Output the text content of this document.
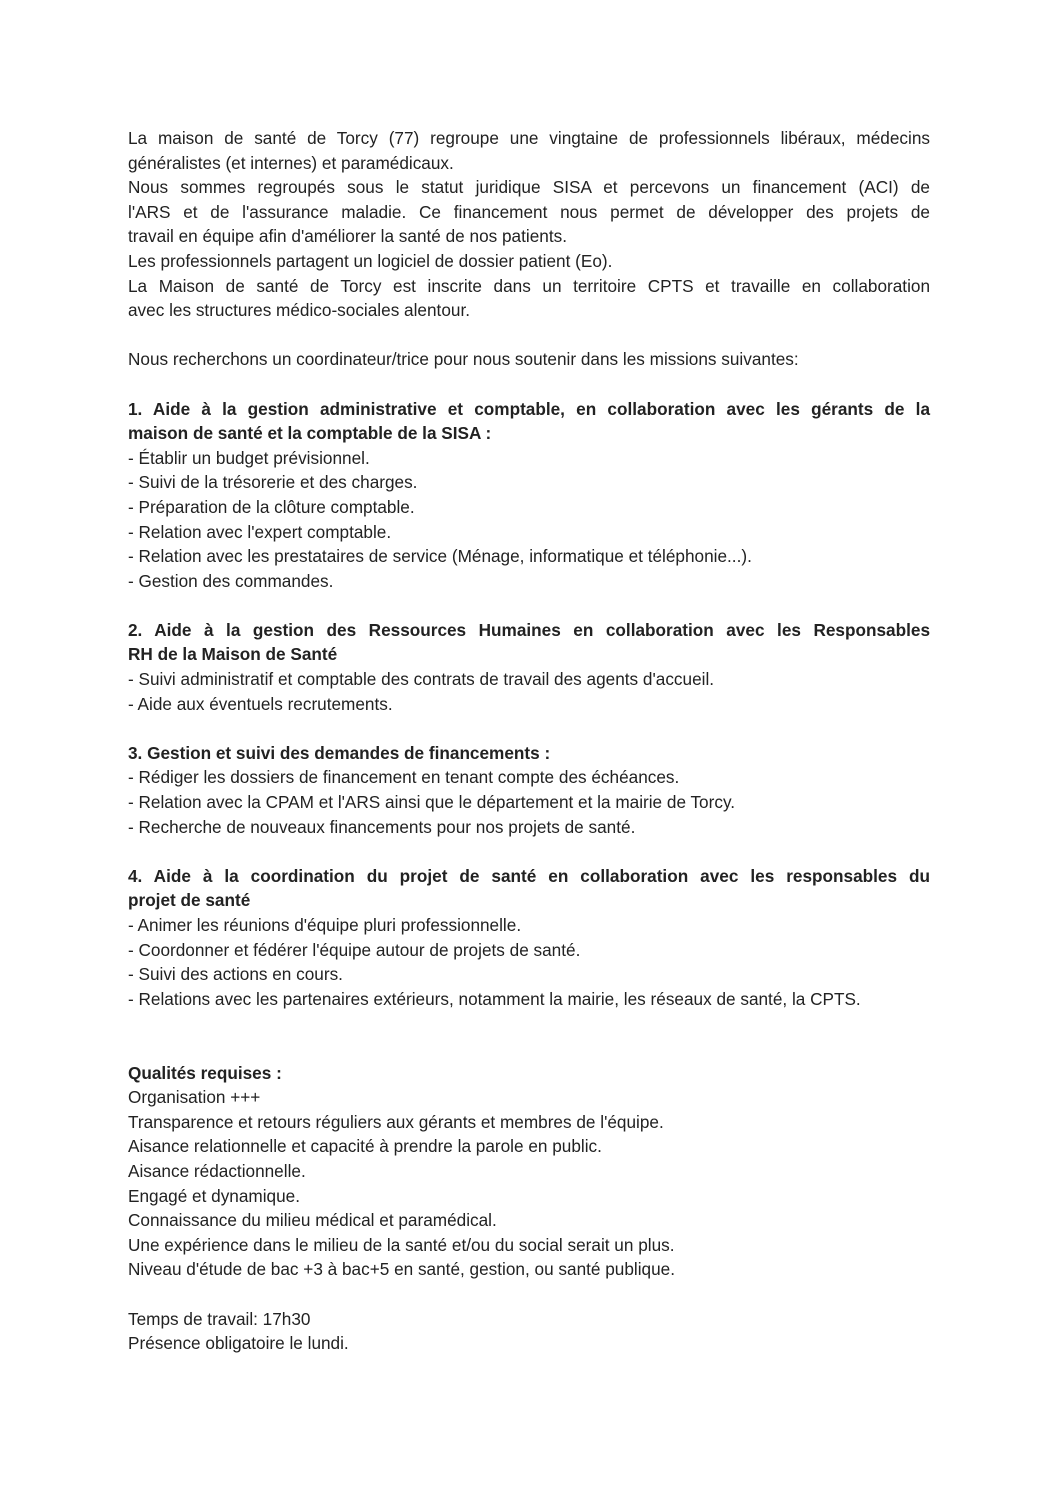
La maison de santé de Torcy (77) regroupe une vingtaine de professionnels libéraux, médecins
généralistes (et internes) et paramédicaux.
Nous sommes regroupés sous le statut juridique SISA et percevons un financement (ACI) de
l'ARS et de l'assurance maladie. Ce financement nous permet de développer des projets de
travail en équipe afin d'améliorer la santé de nos patients.
Les professionnels partagent un logiciel de dossier patient (Eo).
La Maison de santé de Torcy est inscrite dans un territoire CPTS et travaille en collaboration
avec les structures médico-sociales alentour.
Nous recherchons un coordinateur/trice pour nous soutenir dans les missions suivantes:
1. Aide à la gestion administrative et comptable, en collaboration avec les gérants de la
maison de santé et la comptable de la SISA :
- Établir un budget prévisionnel.
- Suivi de la trésorerie et des charges.
- Préparation de la clôture comptable.
- Relation avec l'expert comptable.
- Relation avec les prestataires de service (Ménage, informatique et téléphonie...).
- Gestion des commandes.
2. Aide à la gestion des Ressources Humaines en collaboration avec les Responsables
RH de la Maison de Santé
- Suivi administratif et comptable des contrats de travail des agents d'accueil.
- Aide aux éventuels recrutements.
3. Gestion et suivi des demandes de financements :
- Rédiger les dossiers de financement en tenant compte des échéances.
- Relation avec la CPAM et l'ARS ainsi que le département et la mairie de Torcy.
- Recherche de nouveaux financements pour nos projets de santé.
4. Aide à la coordination du projet de santé en collaboration avec les responsables du
projet de santé
- Animer les réunions d'équipe pluri professionnelle.
- Coordonner et fédérer l'équipe autour de projets de santé.
- Suivi des actions en cours.
- Relations avec les partenaires extérieurs, notamment la mairie, les réseaux de santé, la CPTS.
Qualités requises :
Organisation +++
Transparence et retours réguliers aux gérants et membres de l'équipe.
Aisance relationnelle et capacité à prendre la parole en public.
Aisance rédactionnelle.
Engagé et dynamique.
Connaissance du milieu médical et paramédical.
Une expérience dans le milieu de la santé et/ou du social serait un plus.
Niveau d'étude de bac +3 à bac+5 en santé, gestion, ou santé publique.
Temps de travail: 17h30
Présence obligatoire le lundi.
